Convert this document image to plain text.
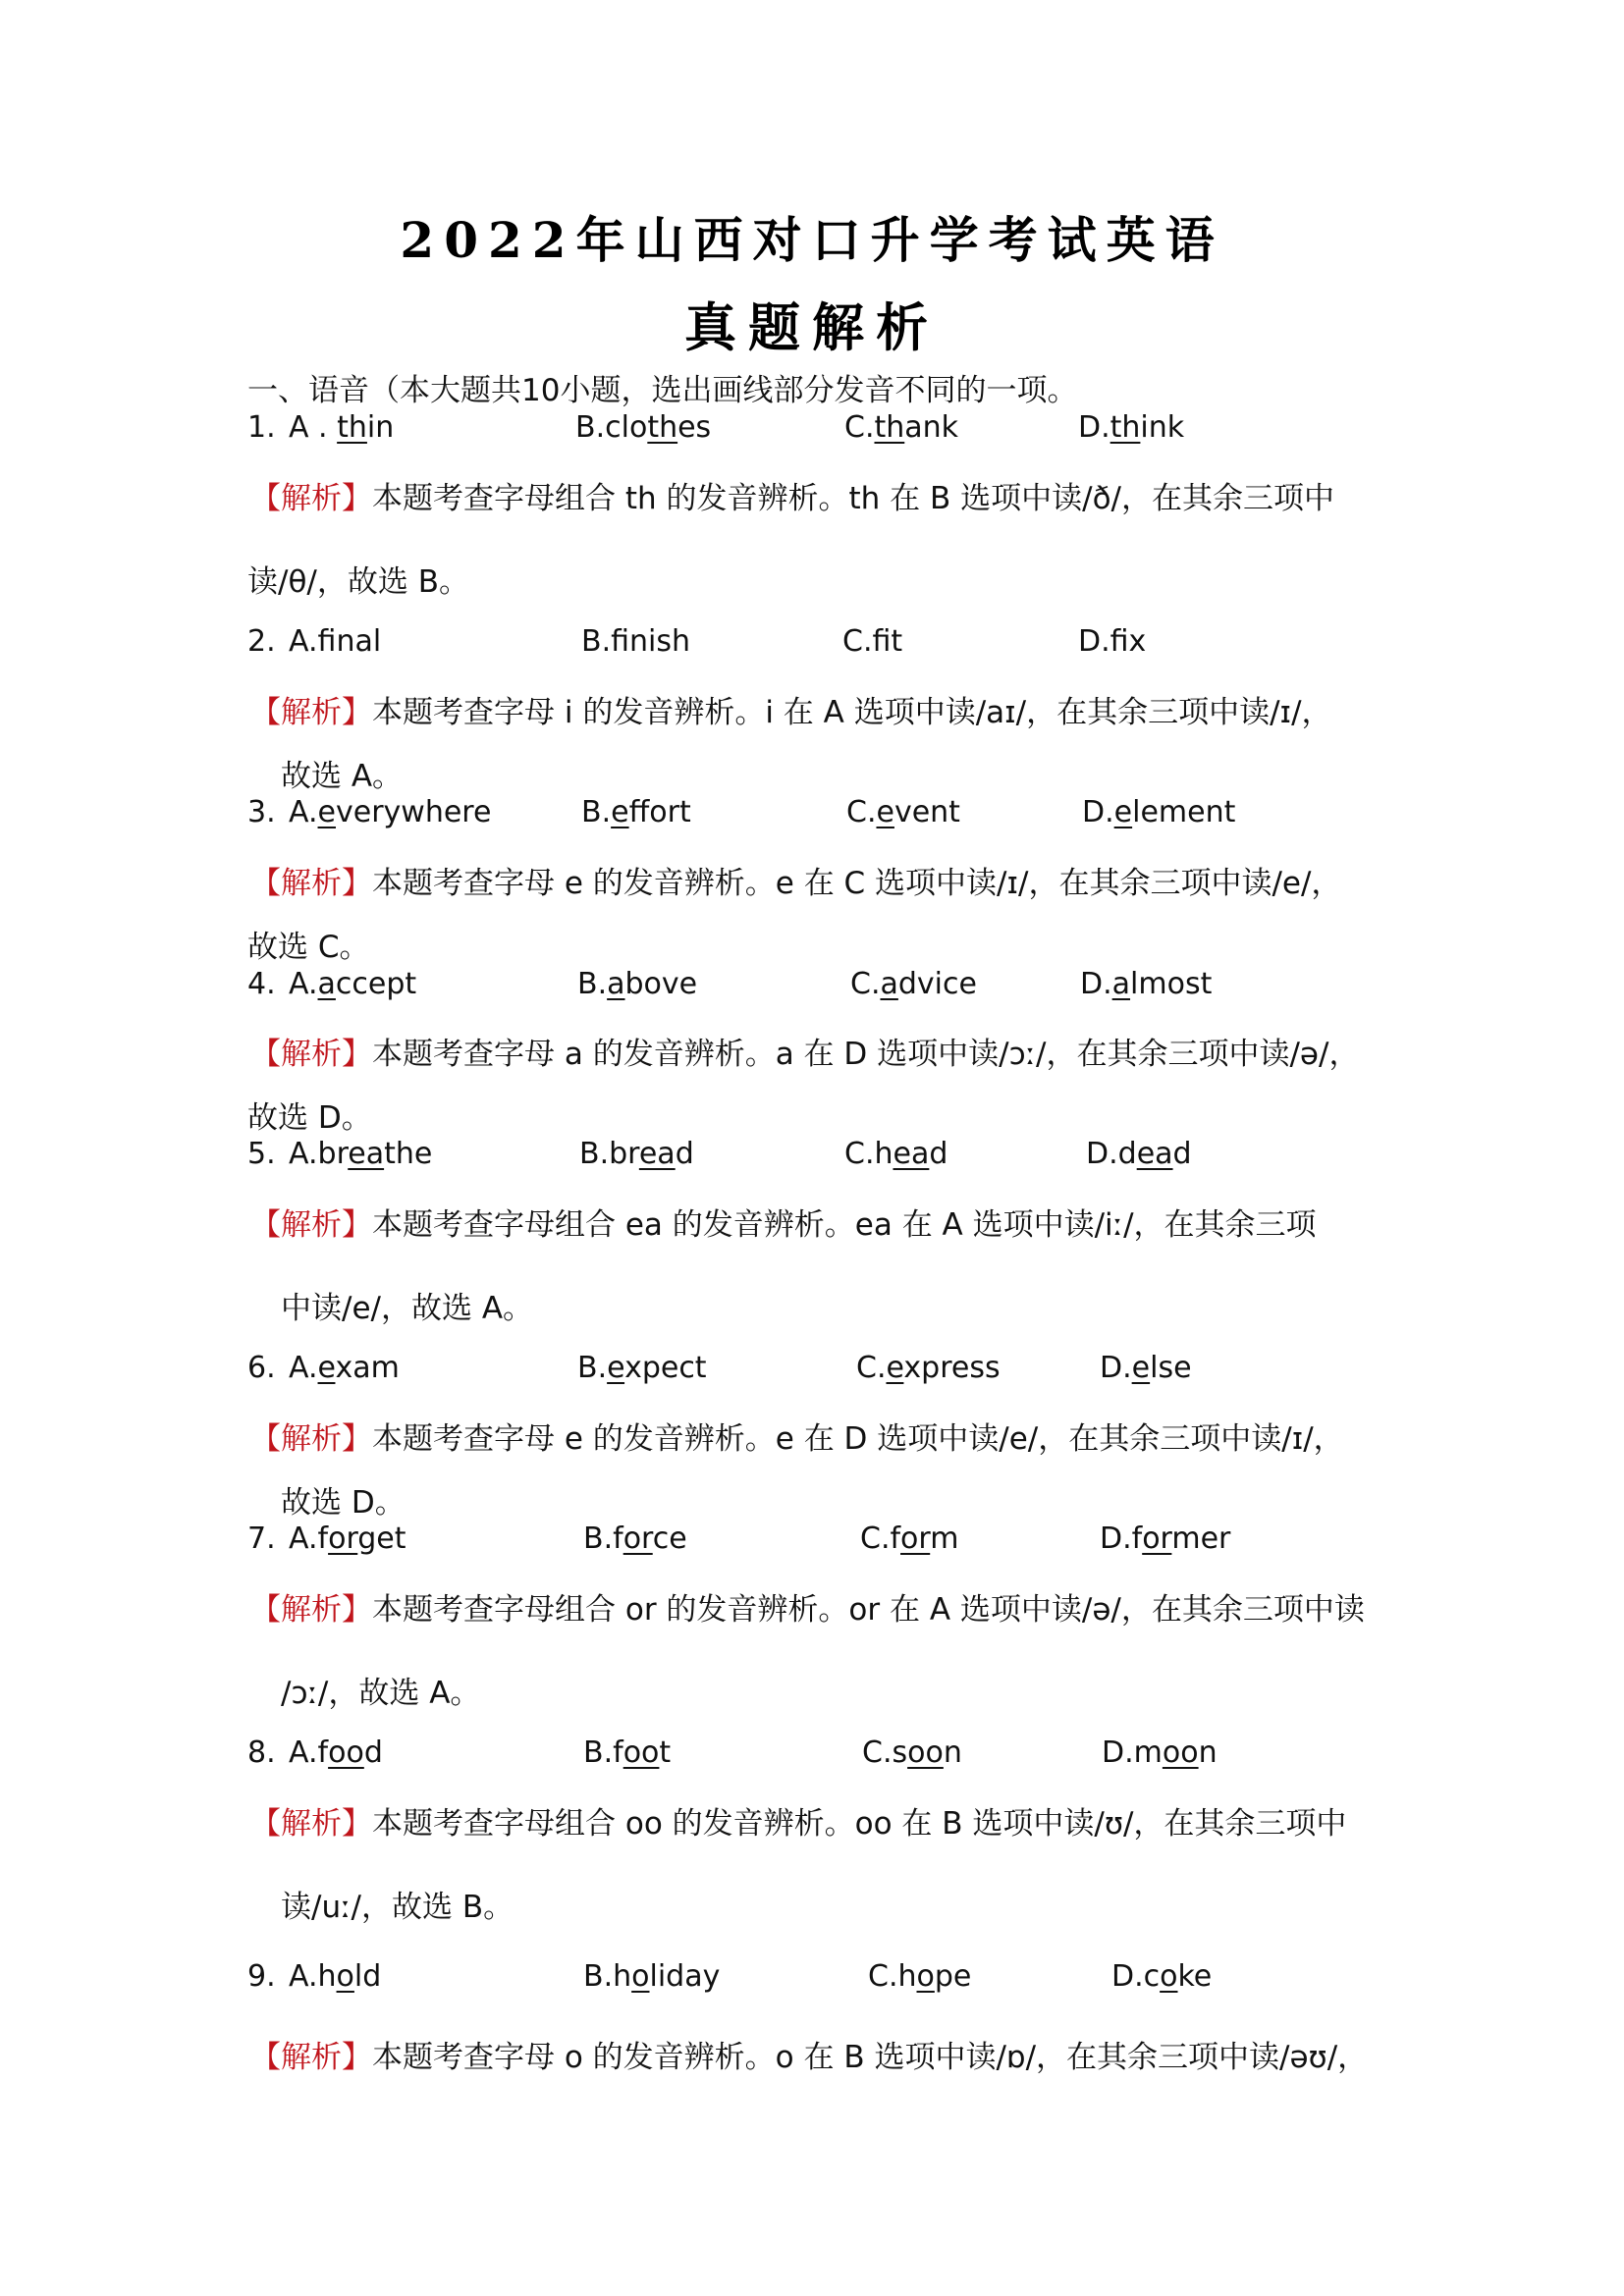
2022年山西对口升学考试英语
真题解析
一、语音（本大题共10小题，选出画线部分发音不同的一项。
1. A . thin	B.clothes	C.thank	D.think
【解析】本题考查字母组合 th 的发音辨析。th 在 B 选项中读/ð/，在其余三项中
读/θ/，故选 B。
2. A.fnal	B.fnish	C.ft	D.fx
【解析】本题考查字母 i 的发音辨析。i 在 A 选项中读/aɪ/，在其余三项中读/ɪ/，
故选 A。
3. A.everywhere	B.effort	C.event	D.element
【解析】本题考查字母 e 的发音辨析。e 在 C 选项中读/ɪ/，在其余三项中读/e/，
故选 C。
4. A.accept	B.above	C.advice	D.almost
【解析】本题考查字母 a 的发音辨析。a 在 D 选项中读/ɔː/，在其余三项中读/ə/，
故选 D。
5. A.breathe	B.bread	C.head	D.dead
【解析】本题考查字母组合 ea 的发音辨析。ea 在 A 选项中读/iː/，在其余三项
中读/e/，故选 A。
6. A.exam	B.expect	C.express	D.else
【解析】本题考查字母 e 的发音辨析。e 在 D 选项中读/e/，在其余三项中读/ɪ/，
故选 D。
7. A.forget	B.force	C.form	D.former
【解析】本题考查字母组合 or 的发音辨析。or 在 A 选项中读/ə/，在其余三项中读
/ɔː/，故选 A。
8. A.food	B.foot	C.soon	D.moon
【解析】本题考查字母组合 oo 的发音辨析。oo 在 B 选项中读/ʊ/，在其余三项中
读/uː/，故选 B。
9. A.hold	B.holiday	C.hope	D.coke
【解析】本题考查字母 o 的发音辨析。o 在 B 选项中读/ɒ/，在其余三项中读/əʊ/，
